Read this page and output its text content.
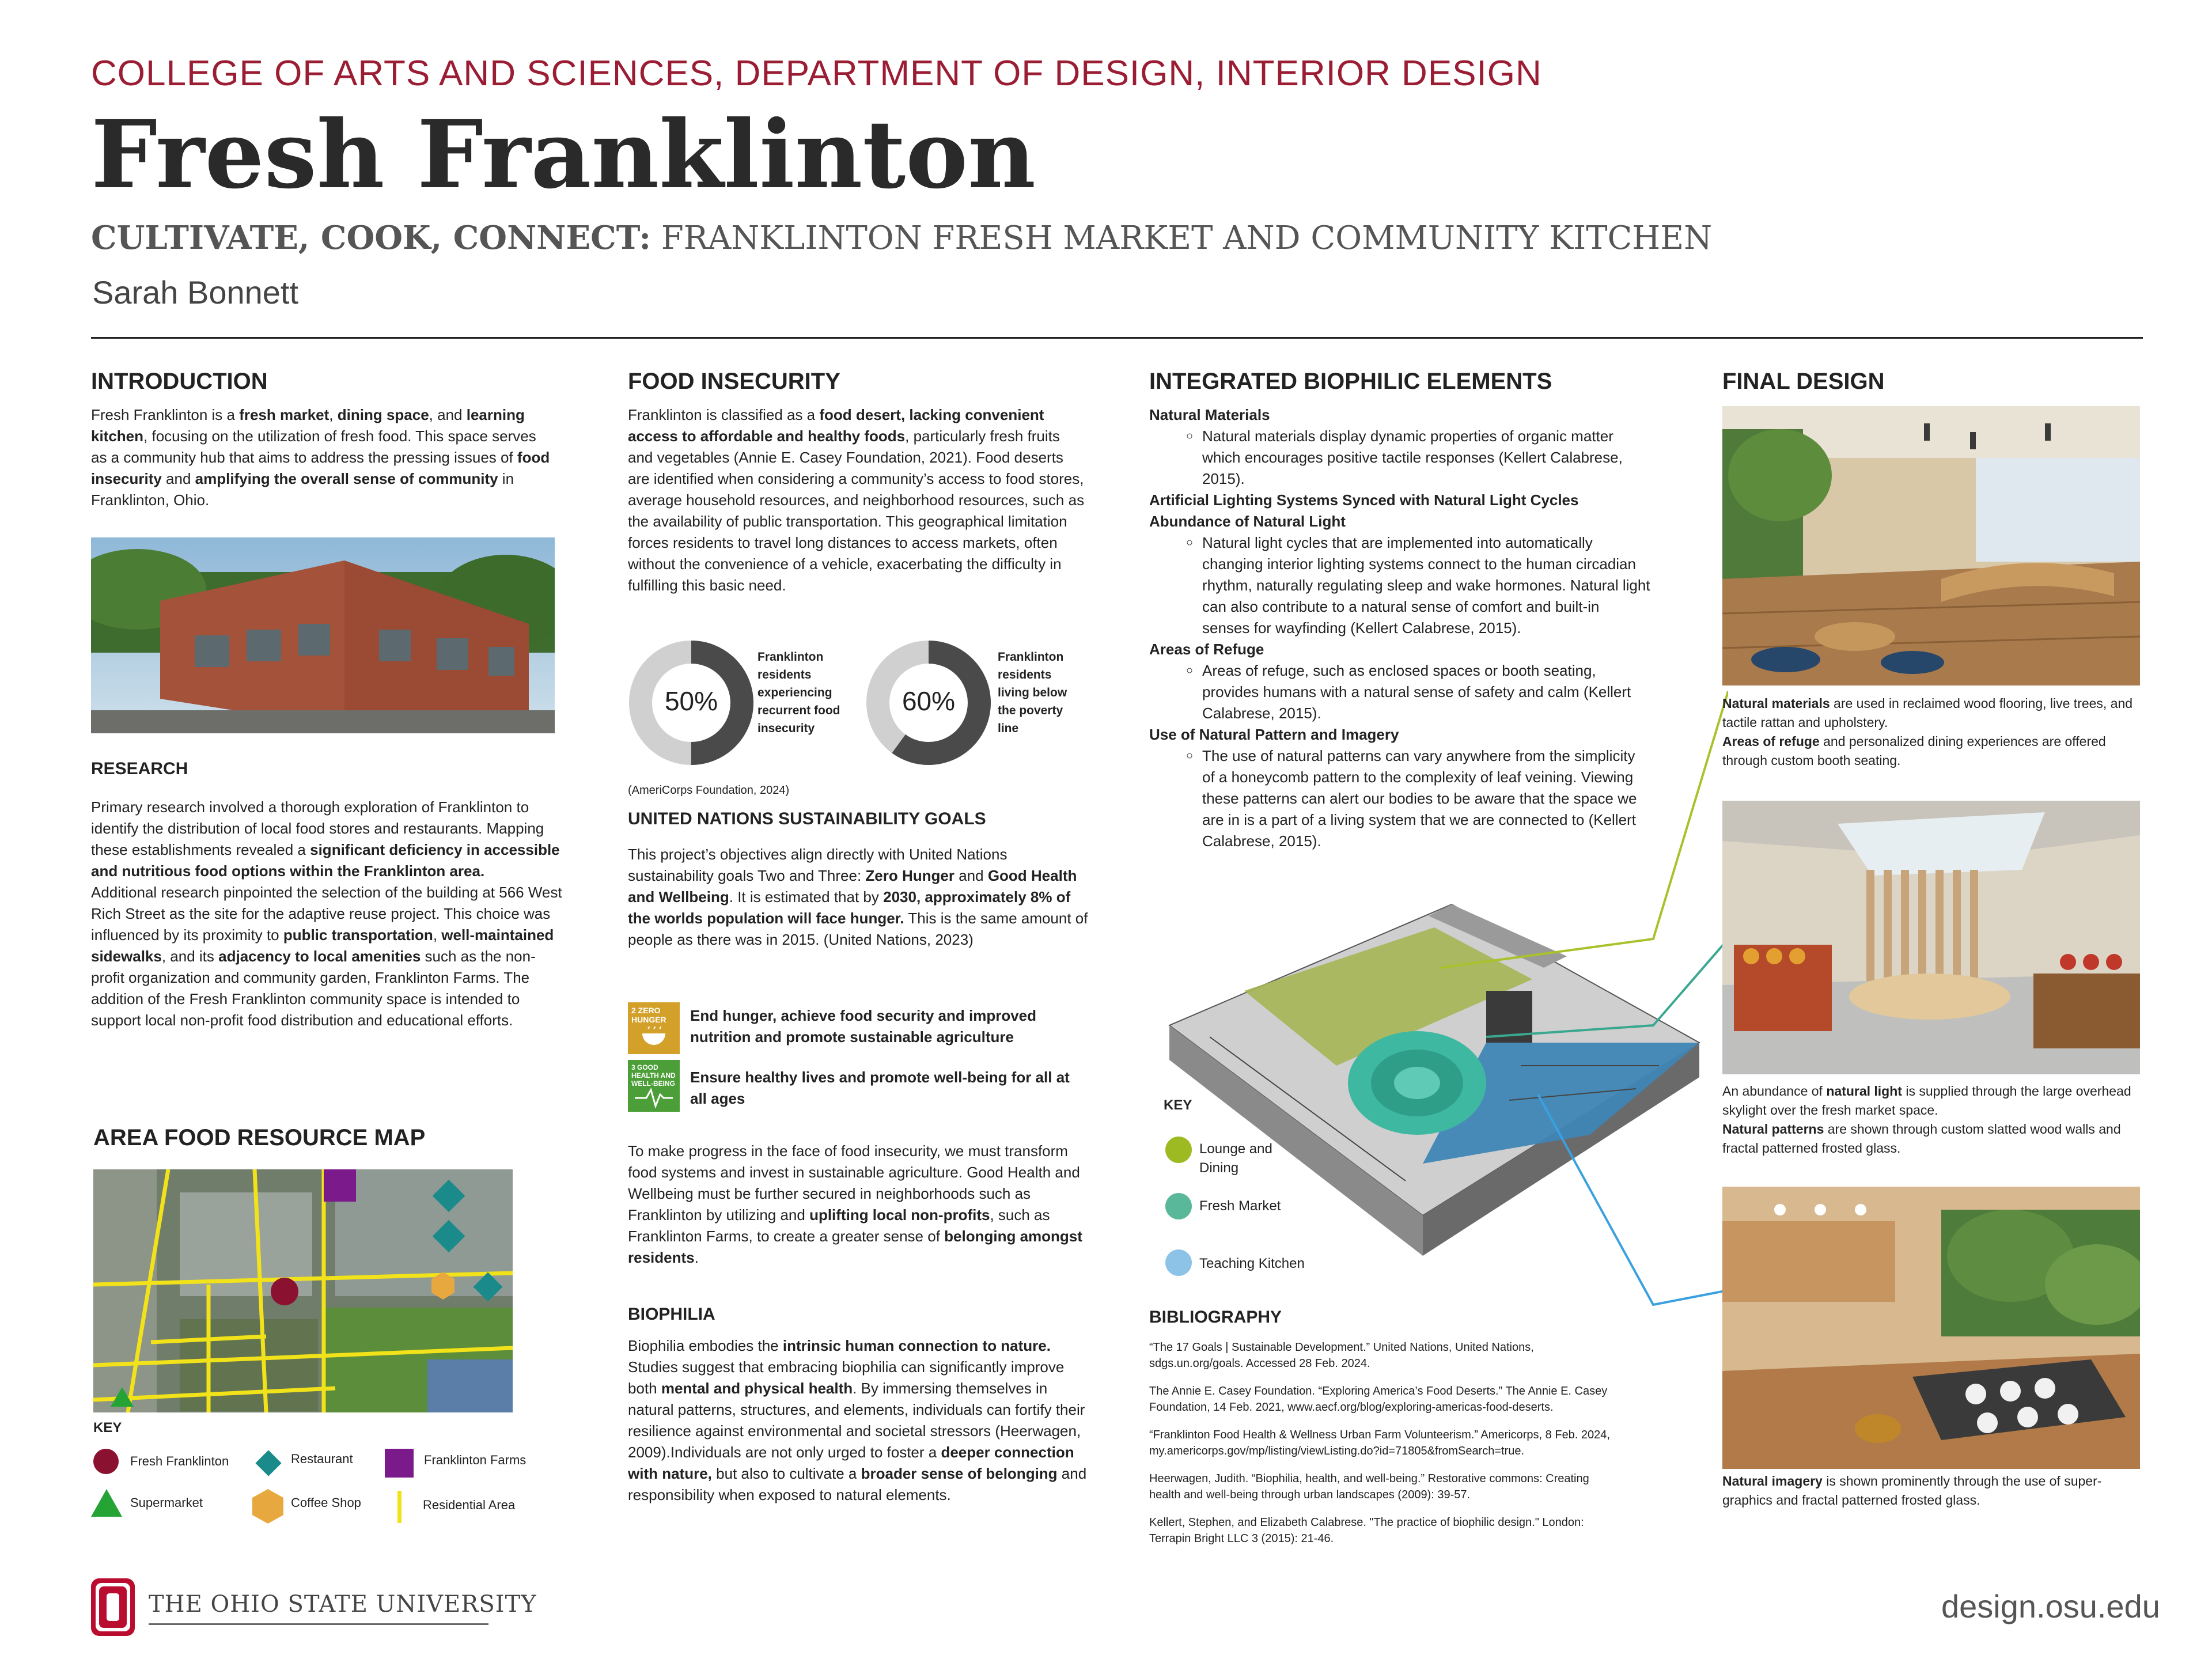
COLLEGE OF ARTS AND SCIENCES, DEPARTMENT OF DESIGN, INTERIOR DESIGN
Fresh Franklinton
CULTIVATE, COOK, CONNECT: FRANKLINTON FRESH MARKET AND COMMUNITY KITCHEN
Sarah Bonnett
INTRODUCTION
Fresh Franklinton is a fresh market, dining space, and learning kitchen, focusing on the utilization of fresh food. This space serves as a community hub that aims to address the pressing issues of food insecurity and amplifying the overall sense of community in Franklinton, Ohio.
RESEARCH
Primary research involved a thorough exploration of Franklinton to identify the distribution of local food stores and restaurants. Mapping these establishments revealed a significant deficiency in accessible and nutritious food options within the Franklinton area.
Additional research pinpointed the selection of the building at 566 West Rich Street as the site for the adaptive reuse project. This choice was influenced by its proximity to public transportation, well-maintained sidewalks, and its adjacency to local amenities such as the non-profit organization and community garden, Franklinton Farms. The addition of the Fresh Franklinton community space is intended to support local non-profit food distribution and educational efforts.
AREA FOOD RESOURCE MAP
KEY
Fresh Franklinton	Restaurant	Franklinton Farms
Supermarket	Coffee Shop	Residential Area
FOOD INSECURITY
Franklinton is classified as a food desert, lacking convenient access to affordable and healthy foods, particularly fresh fruits and vegetables (Annie E. Casey Foundation, 2021). Food deserts are identified when considering a community’s access to food stores, average household resources, and neighborhood resources, such as the availability of public transportation. This geographical limitation forces residents to travel long distances to access markets, often without the convenience of a vehicle, exacerbating the difficulty in fulfilling this basic need.
50%
Franklinton residents experiencing recurrent food insecurity
60%
Franklinton residents living below the poverty line
(AmeriCorps Foundation, 2024)
UNITED NATIONS SUSTAINABILITY GOALS
This project’s objectives align directly with United Nations sustainability goals Two and Three: Zero Hunger and Good Health and Wellbeing. It is estimated that by 2030, approximately 8% of the worlds population will face hunger. This is the same amount of people as there was in 2015. (United Nations, 2023)
2 ZERO HUNGER	End hunger, achieve food security and improved nutrition and promote sustainable agriculture
3 GOOD HEALTH AND WELL-BEING	Ensure healthy lives and promote well-being for all at all ages
To make progress in the face of food insecurity, we must transform food systems and invest in sustainable agriculture. Good Health and Wellbeing must be further secured in neighborhoods such as Franklinton by utilizing and uplifting local non-profits, such as Franklinton Farms, to create a greater sense of belonging amongst residents.
BIOPHILIA
Biophilia embodies the intrinsic human connection to nature. Studies suggest that embracing biophilia can significantly improve both mental and physical health. By immersing themselves in natural patterns, structures, and elements, individuals can fortify their resilience against environmental and societal stressors (Heerwagen, 2009).Individuals are not only urged to foster a deeper connection with nature, but also to cultivate a broader sense of belonging and responsibility when exposed to natural elements.
INTEGRATED BIOPHILIC ELEMENTS
Natural Materials
○ Natural materials display dynamic properties of organic matter which encourages positive tactile responses (Kellert Calabrese, 2015).
Artificial Lighting Systems Synced with Natural Light Cycles
Abundance of Natural Light
○ Natural light cycles that are implemented into automatically changing interior lighting systems connect to the human circadian rhythm, naturally regulating sleep and wake hormones. Natural light can also contribute to a natural sense of comfort and built-in senses for wayfinding (Kellert Calabrese, 2015).
Areas of Refuge
○ Areas of refuge, such as enclosed spaces or booth seating, provides humans with a natural sense of safety and calm (Kellert Calabrese, 2015).
Use of Natural Pattern and Imagery
○ The use of natural patterns can vary anywhere from the simplicity of a honeycomb pattern to the complexity of leaf veining. Viewing these patterns can alert our bodies to be aware that the space we are in is a part of a living system that we are connected to (Kellert Calabrese, 2015).
KEY
Lounge and Dining
Fresh Market
Teaching Kitchen
BIBLIOGRAPHY
“The 17 Goals | Sustainable Development.” United Nations, United Nations, sdgs.un.org/goals. Accessed 28 Feb. 2024.
The Annie E. Casey Foundation. “Exploring America’s Food Deserts.” The Annie E. Casey Foundation, 14 Feb. 2021, www.aecf.org/blog/exploring-americas-food-deserts.
“Franklinton Food Health & Wellness Urban Farm Volunteerism.” Americorps, 8 Feb. 2024, my.americorps.gov/mp/listing/viewListing.do?id=71805&fromSearch=true.
Heerwagen, Judith. “Biophilia, health, and well-being.” Restorative commons: Creating health and well-being through urban landscapes (2009): 39-57.
Kellert, Stephen, and Elizabeth Calabrese. "The practice of biophilic design." London: Terrapin Bright LLC 3 (2015): 21-46.
FINAL DESIGN
Natural materials are used in reclaimed wood flooring, live trees, and tactile rattan and upholstery.
Areas of refuge and personalized dining experiences are offered through custom booth seating.
An abundance of natural light is supplied through the large overhead skylight over the fresh market space.
Natural patterns are shown through custom slatted wood walls and fractal patterned frosted glass.
Natural imagery is shown prominently through the use of super-graphics and fractal patterned frosted glass.
THE OHIO STATE UNIVERSITY	design.osu.edu
